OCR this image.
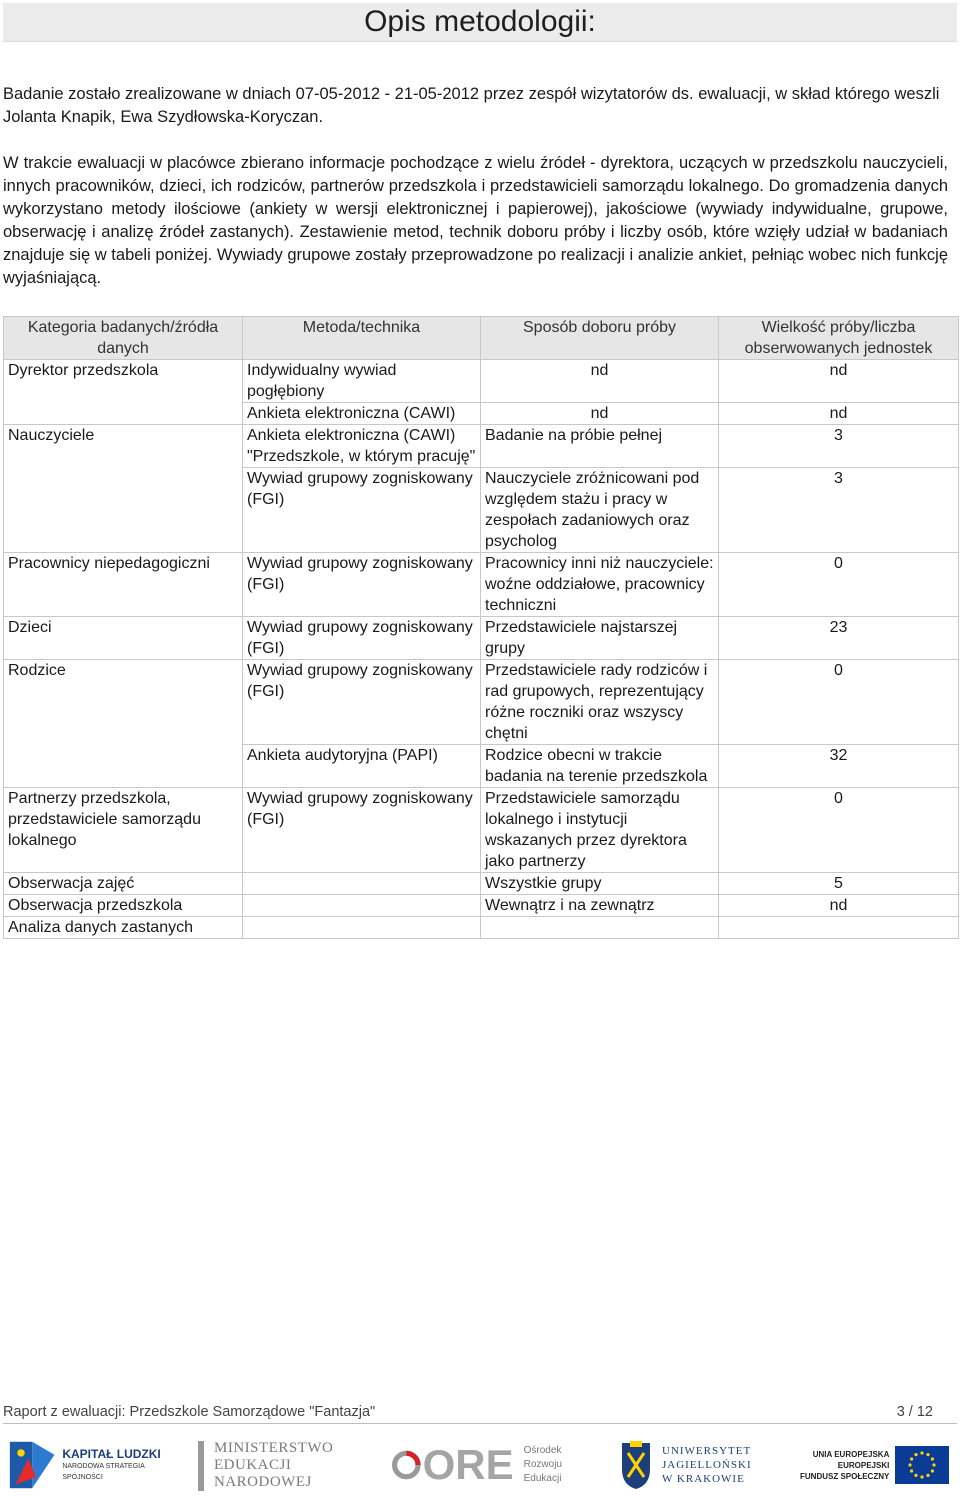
Opis metodologii:

Badanie zostało zrealizowane w dniach 07-05-2012 - 21-05-2012 przez zespół wizytatorów ds. ewaluacji, w skład którego weszli Jolanta Knapik, Ewa Szydłowska-Koryczan.

W trakcie ewaluacji w placówce zbierano informacje pochodzące z wielu źródeł - dyrektora, uczących w przedszkolu nauczycieli, innych pracowników, dzieci, ich rodziców, partnerów przedszkola i przedstawicieli samorządu lokalnego. Do gromadzenia danych wykorzystano metody ilościowe (ankiety w wersji elektronicznej i papierowej), jakościowe (wywiady indywidualne, grupowe, obserwację i analizę źródeł zastanych). Zestawienie metod, technik doboru próby i liczby osób, które wzięły udział w badaniach znajduje się w tabeli poniżej. Wywiady grupowe zostały przeprowadzone po realizacji i analizie ankiet, pełniąc wobec nich funkcję wyjaśniającą.

Kategoria badanych/źródła danych	Metoda/technika	Sposób doboru próby	Wielkość próby/liczba obserwowanych jednostek
Dyrektor przedszkola	Indywidualny wywiad pogłębiony	nd	nd
	Ankieta elektroniczna (CAWI)	nd	nd
Nauczyciele	Ankieta elektroniczna (CAWI) "Przedszkole, w którym pracuję"	Badanie na próbie pełnej	3
	Wywiad grupowy zogniskowany (FGI)	Nauczyciele zróżnicowani pod względem stażu i pracy w zespołach zadaniowych oraz psycholog	3
Pracownicy niepedagogiczni	Wywiad grupowy zogniskowany (FGI)	Pracownicy inni niż nauczyciele: woźne oddziałowe, pracownicy techniczni	0
Dzieci	Wywiad grupowy zogniskowany (FGI)	Przedstawiciele najstarszej grupy	23
Rodzice	Wywiad grupowy zogniskowany (FGI)	Przedstawiciele rady rodziców i rad grupowych, reprezentujący różne roczniki oraz wszyscy chętni	0
	Ankieta audytoryjna (PAPI)	Rodzice obecni w trakcie badania na terenie przedszkola	32
Partnerzy przedszkola, przedstawiciele samorządu lokalnego	Wywiad grupowy zogniskowany (FGI)	Przedstawiciele samorządu lokalnego i instytucji wskazanych przez dyrektora jako partnerzy	0
Obserwacja zajęć		Wszystkie grupy	5
Obserwacja przedszkola		Wewnątrz i na zewnątrz	nd
Analiza danych zastanych			
Raport z ewaluacji: Przedszkole Samorządowe "Fantazja"	3 / 12
KAPITAŁ LUDZKI
NARODOWA STRATEGIA SPÓJNOŚCI
MINISTERSTWO
EDUKACJI
NARODOWEJ	ORE Ośrodek
Rozwoju
Edukacji
UNIWERSYTET
JAGIELLOŃSKI
W KRAKOWIE
UNIA EUROPEJSKA
EUROPEJSKI
FUNDUSZ SPOŁECZNY
